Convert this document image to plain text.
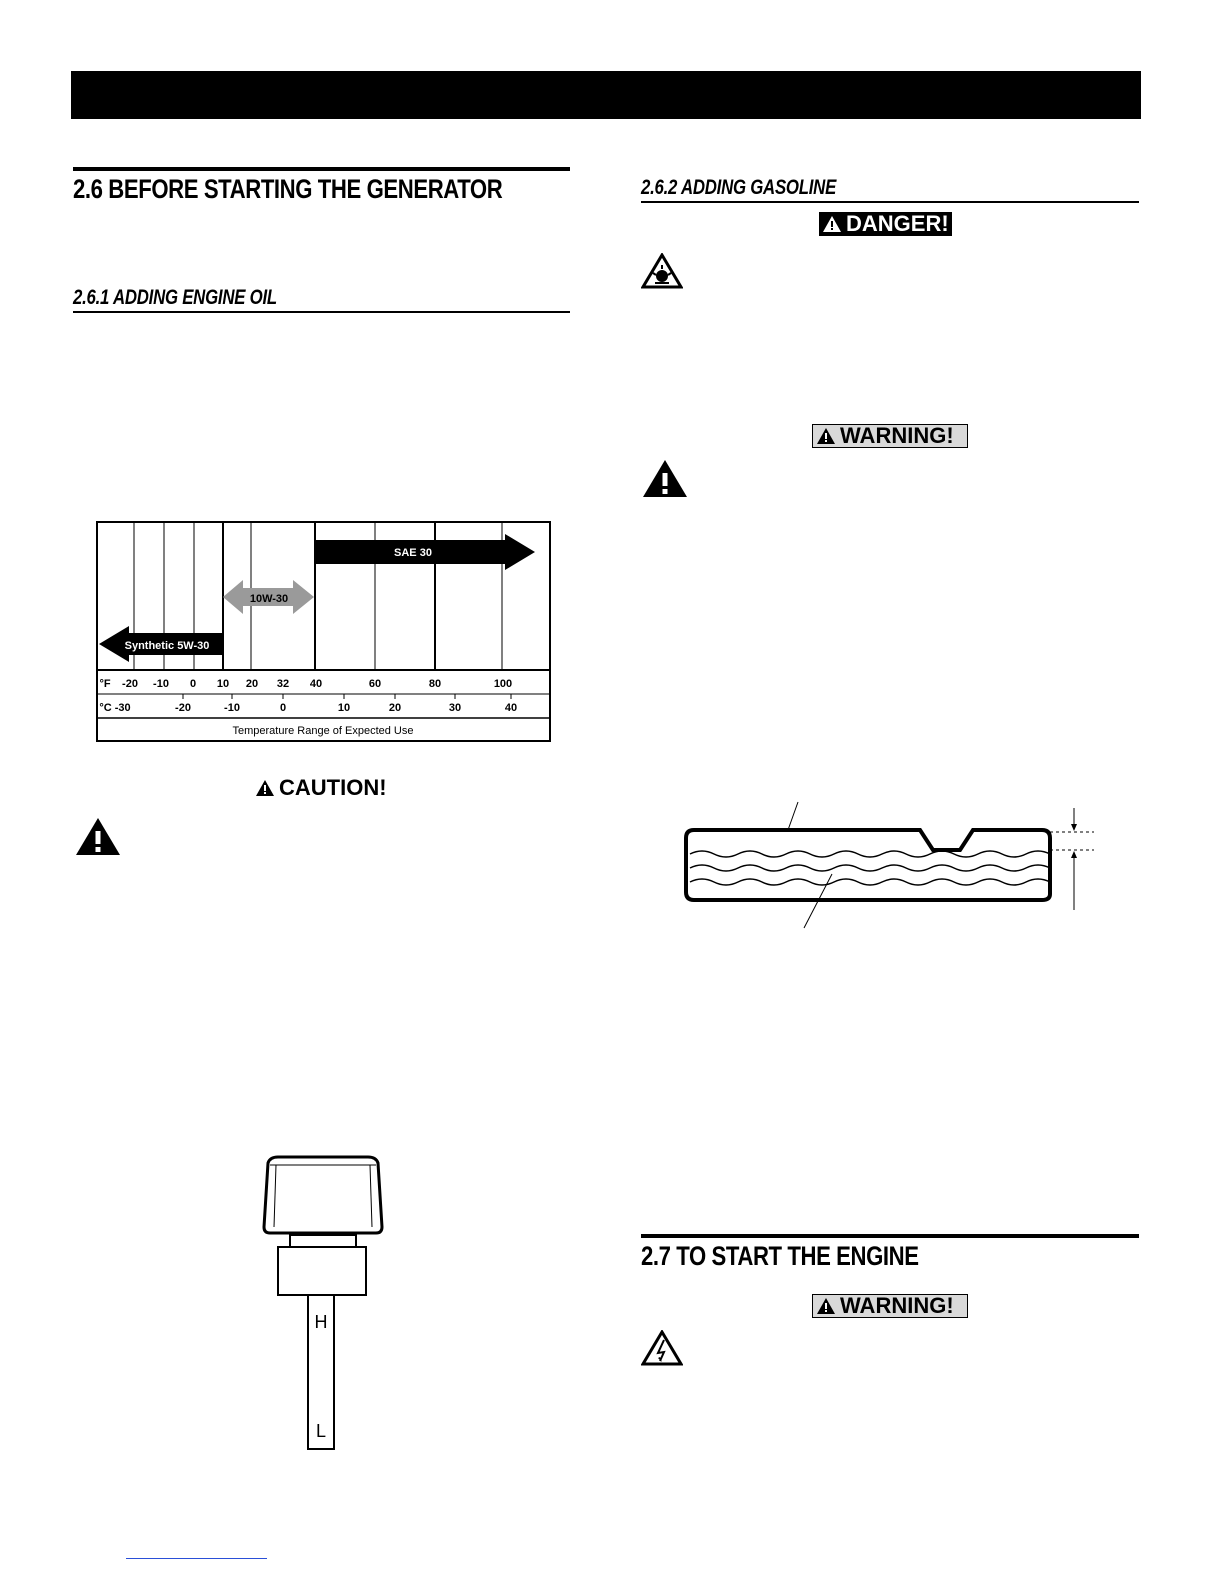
2.6 BEFORE STARTING THE GENERATOR
2.6.1 ADDING ENGINE OIL
SAE 30
10W-30
Synthetic 5W-30
°F -20 -10 0 10 20 32 40	60	80	100
°C -30	-20	-10	0	10	20	30	40
Temperature Range of Expected Use
CAUTION!
H
L
2.6.2 ADDING GASOLINE
DANGER!
WARNING!
2.7 TO START THE ENGINE
WARNING!
